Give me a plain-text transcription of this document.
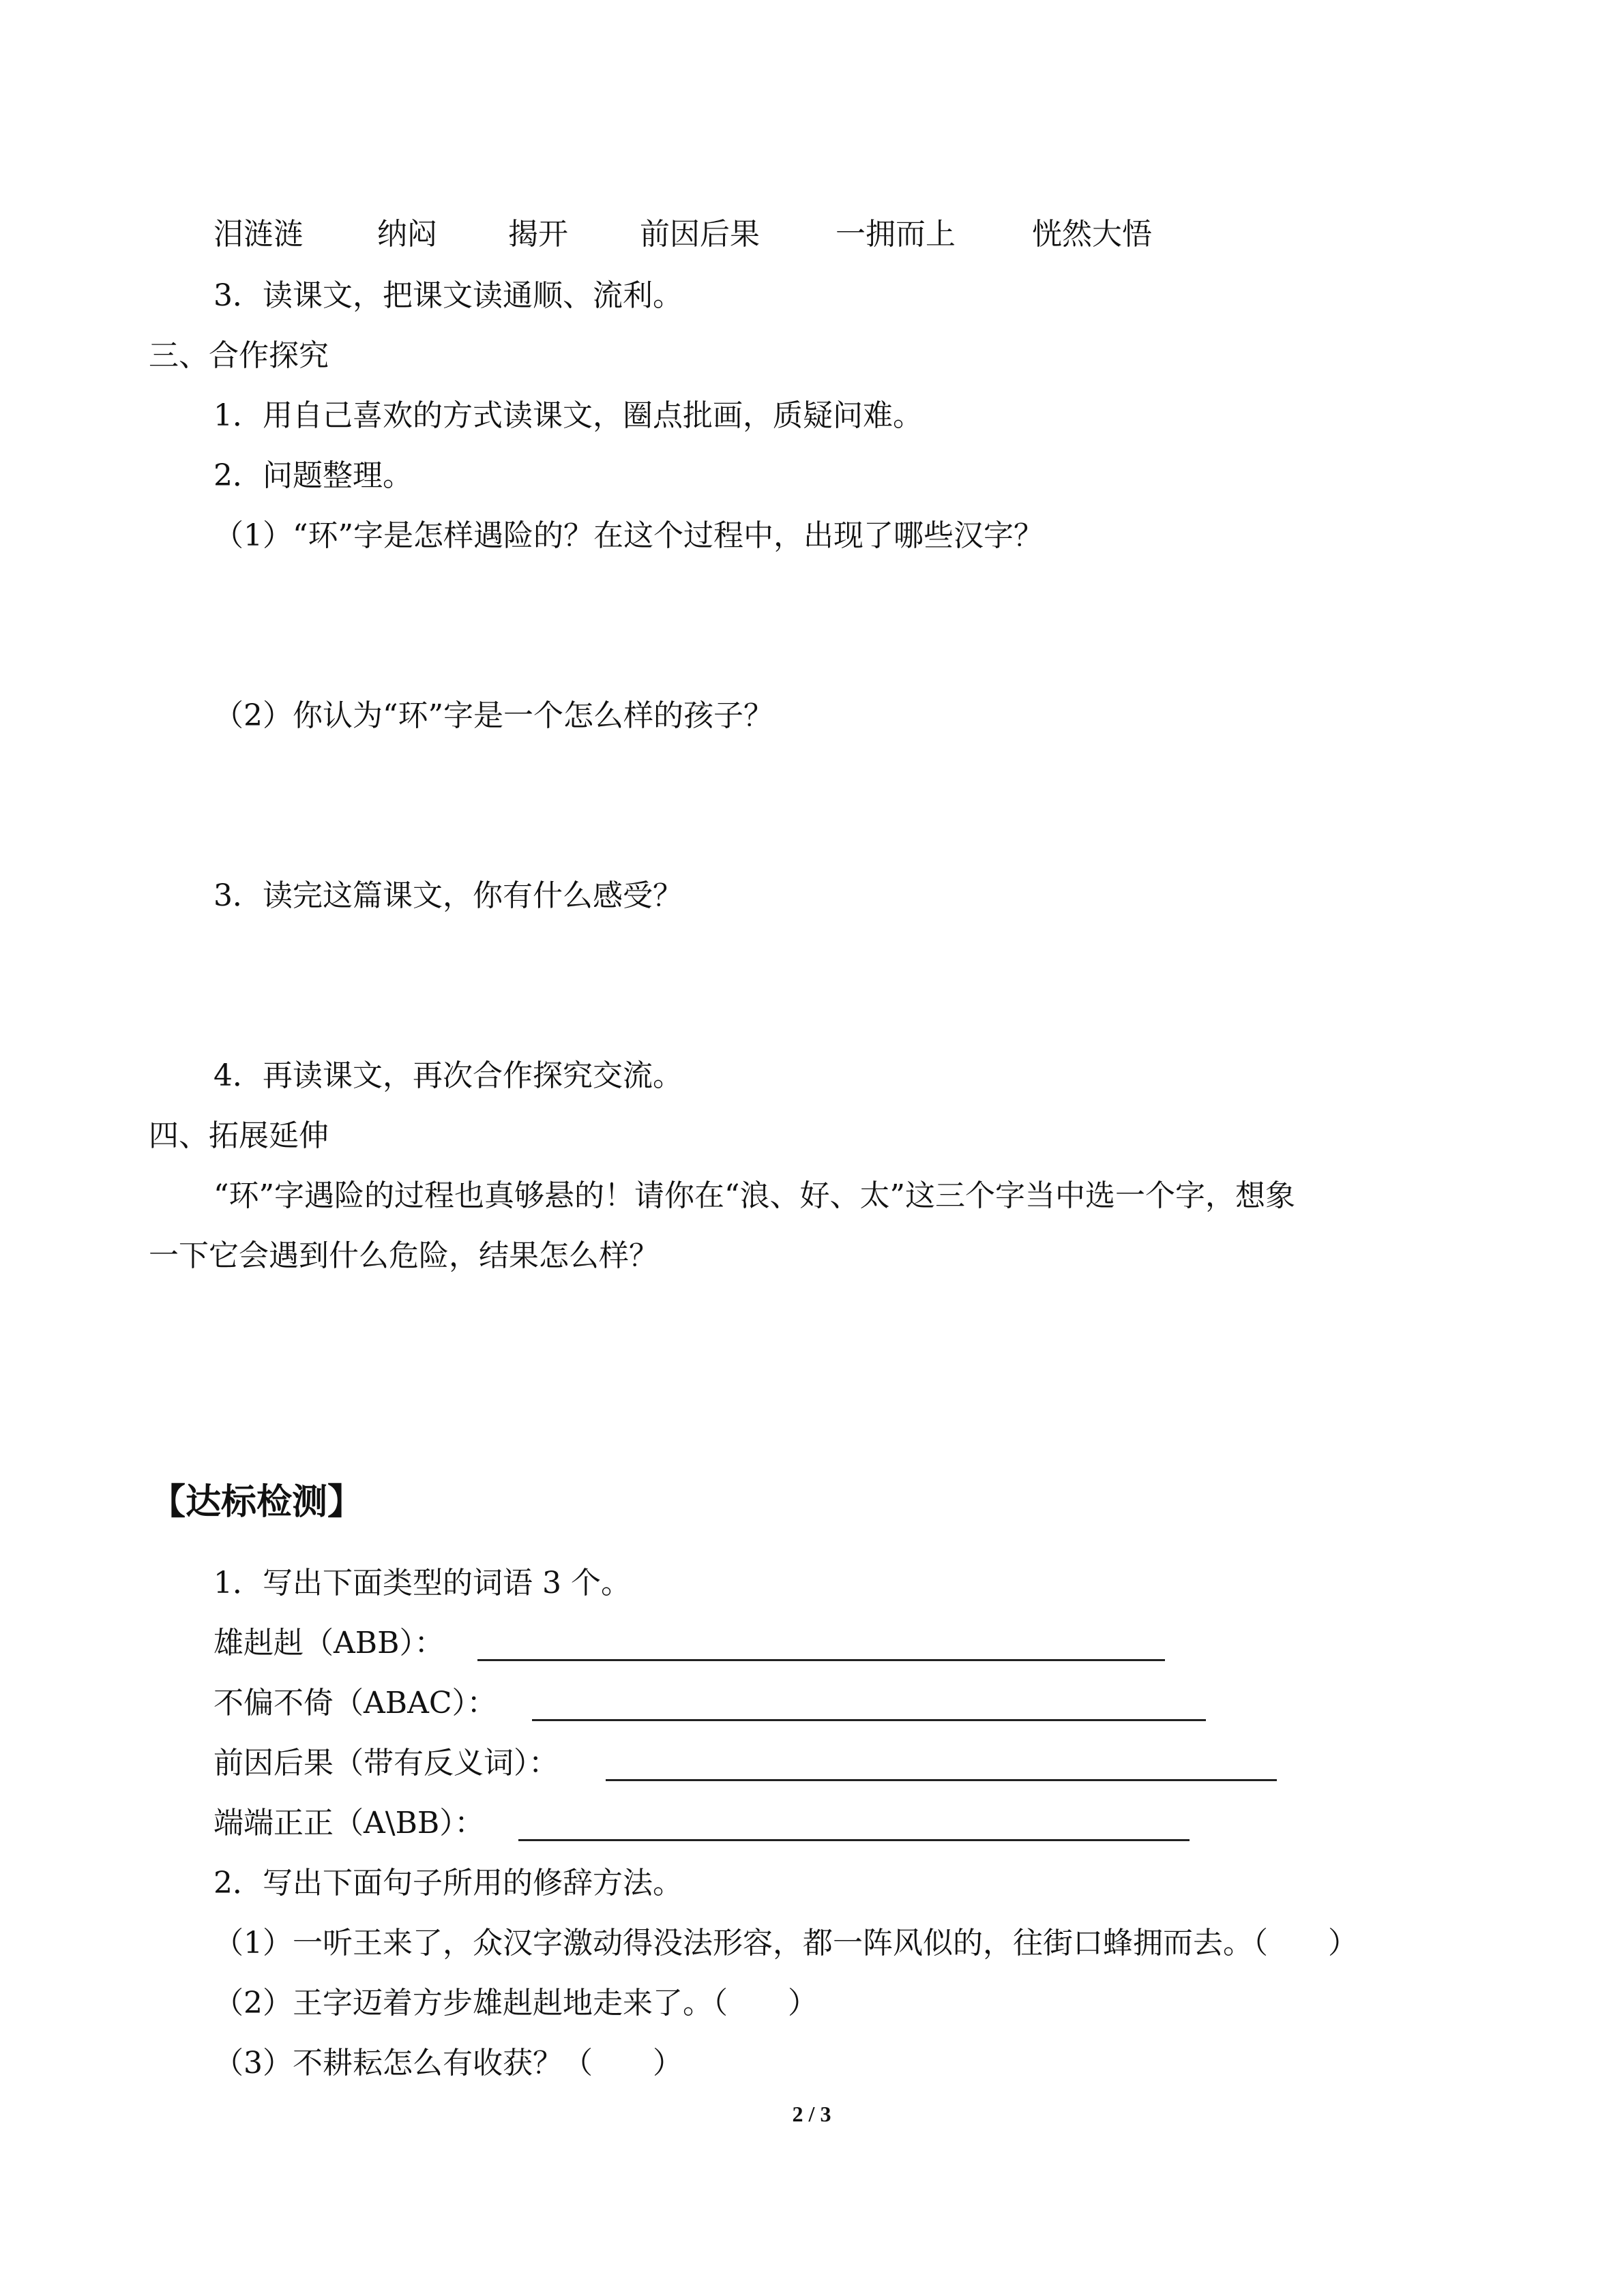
泪涟涟 纳闷 揭开 前因后果	一拥而上	恍然大悟
3．读课文，把课文读通顺、流利。
三、合作探究
1．用自己喜欢的方式读课文，圈点批画，质疑问难。
2．问题整理。
（1）“环”字是怎样遇险的？在这个过程中，出现了哪些汉字？
（2）你认为“环”字是一个怎么样的孩子？
3．读完这篇课文，你有什么感受？
4．再读课文，再次合作探究交流。
四、拓展延伸
“环”字遇险的过程也真够悬的！请你在“浪、好、太”这三个字当中选一个字，想象
一下它会遇到什么危险，结果怎么样？
【达标检测】
1．写出下面类型的词语 3 个。
雄赳赳（ABB）：
不偏不倚（ABAC）：
前因后果（带有反义词）：
端端正正（A\BB）：
2．写出下面句子所用的修辞方法。
（1）一听王来了，众汉字激动得没法形容，都一阵风似的，往街口蜂拥而去。（　　）
（2）王字迈着方步雄赳赳地走来了。（　　）
（3）不耕耘怎么有收获？（　　）
2 / 3
